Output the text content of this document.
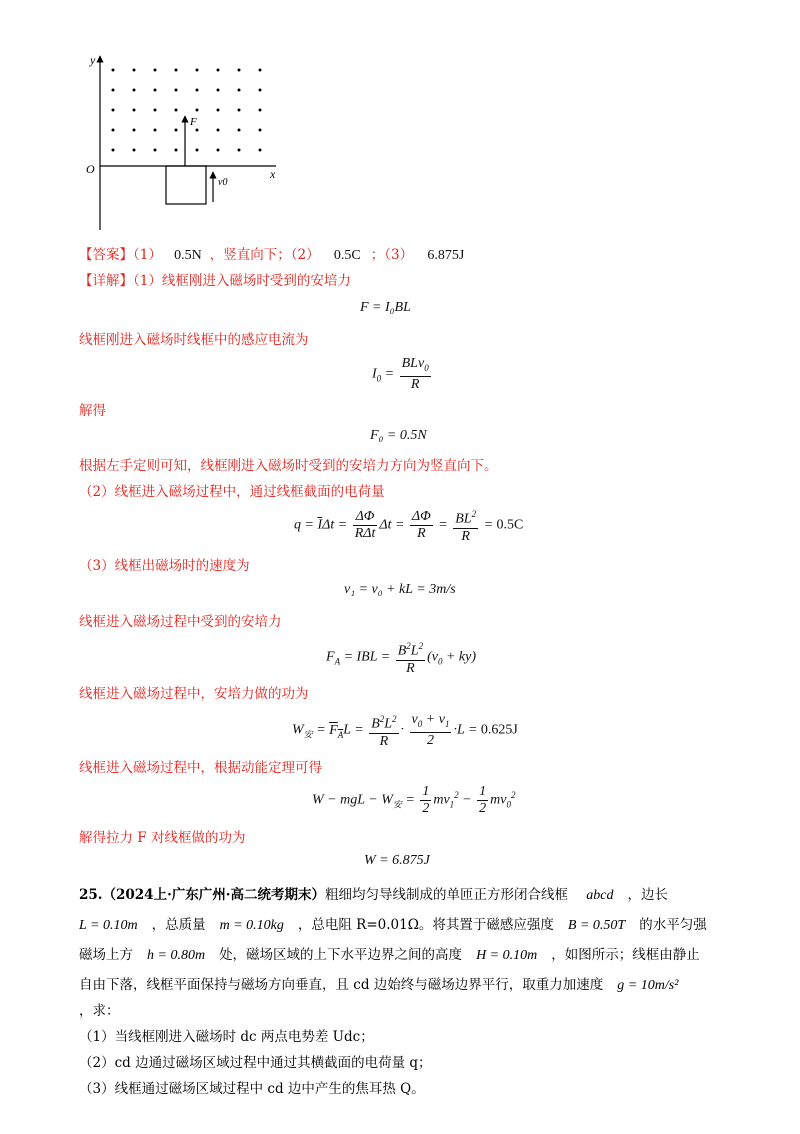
y
x
O
F
v0
【答案】（1） 0.5N ，竖直向下；（2） 0.5C ；（3） 6.875J
【详解】（1）线框刚进入磁场时受到的安培力
F = I₀BL
线框刚进入磁场时线框中的感应电流为
$I_0 = \frac{BLv_0}{R}$
解得
F₀ = 0.5N
根据左手定则可知，线框刚进入磁场时受到的安培力方向为竖直向下。
（2）线框进入磁场过程中，通过线框截面的电荷量
$q = \overline{I}\Delta t = \frac{\Delta\Phi}{\text{RΔt}}$ $\Delta t = \frac{\Delta\Phi}{R} = \frac{BL^2}{R} = 0.5C$
（3）线框出磁场时的速度为
v₁ = v₀ + kL = 3m/s
线框进入磁场过程中受到的安培力
$F_A$ = IBL = $\frac{B^2L^2}{R} (v_0 + ky)$
线框进入磁场过程中，安培力做的功为
$W_安 = F_AL = \frac{B^2L^2}{R} \cdot \frac{v_0 + v_1}{2} \cdot L = 0.625J$
线框进入磁场过程中，根据动能定理可得
W − mgL − $W_安 = \frac{1}{2} mv_1^2 - \frac{1}{2} mv_0^2$
解得拉力 F 对线框做的功为
W = 6.875J
25.（2024上·广东广州·高二统考期末）粗细均匀导线制成的单匝正方形闭合线框 abcd ，边长
L = 0.10m ，总质量 m = 0.10kg ，总电阻 R=0.01Ω。将其置于磁感应强度 B = 0.50T 的水平匀强
磁场上方 h = 0.80m 处，磁场区域的上下水平边界之间的高度 H = 0.10m ，如图所示；线框由静止
自由下落，线框平面保持与磁场方向垂直，且 cd 边始终与磁场边界平行，取重力加速度 g = 10m/s²
，求：
（1）当线框刚进入磁场时 dc 两点电势差 Udc；
（2）cd 边通过磁场区域过程中通过其横截面的电荷量 q；
（3）线框通过磁场区域过程中 cd 边中产生的焦耳热 Q。
